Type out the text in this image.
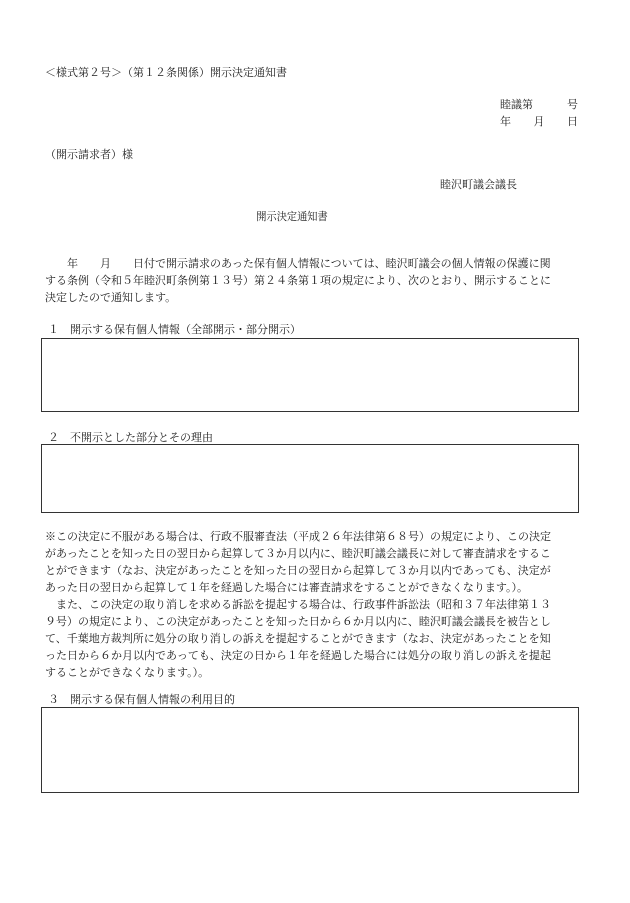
＜様式第２号＞（第１２条関係）開示決定通知書
睦議第	号
年 月 日
（開示請求者）様
睦沢町議会議長
開示決定通知書
　　年　　月　　日付で開示請求のあった保有個人情報については、睦沢町議会の個人情報の保護に関
する条例（令和５年睦沢町条例第１３号）第２４条第１項の規定により、次のとおり、開示することに
決定したので通知します。
１　開示する保有個人情報（全部開示・部分開示）
２　不開示とした部分とその理由
※この決定に不服がある場合は、行政不服審査法（平成２６年法律第６８号）の規定により、この決定
があったことを知った日の翌日から起算して３か月以内に、睦沢町議会議長に対して審査請求をするこ
とができます（なお、決定があったことを知った日の翌日から起算して３か月以内であっても、決定が
あった日の翌日から起算して１年を経過した場合には審査請求をすることができなくなります。）。
また、この決定の取り消しを求める訴訟を提起する場合は、行政事件訴訟法（昭和３７年法律第１３
９号）の規定により、この決定があったことを知った日から６か月以内に、睦沢町議会議長を被告とし
て、千葉地方裁判所に処分の取り消しの訴えを提起することができます（なお、決定があったことを知
った日から６か月以内であっても、決定の日から１年を経過した場合には処分の取り消しの訴えを提起
することができなくなります。）。
３　開示する保有個人情報の利用目的
